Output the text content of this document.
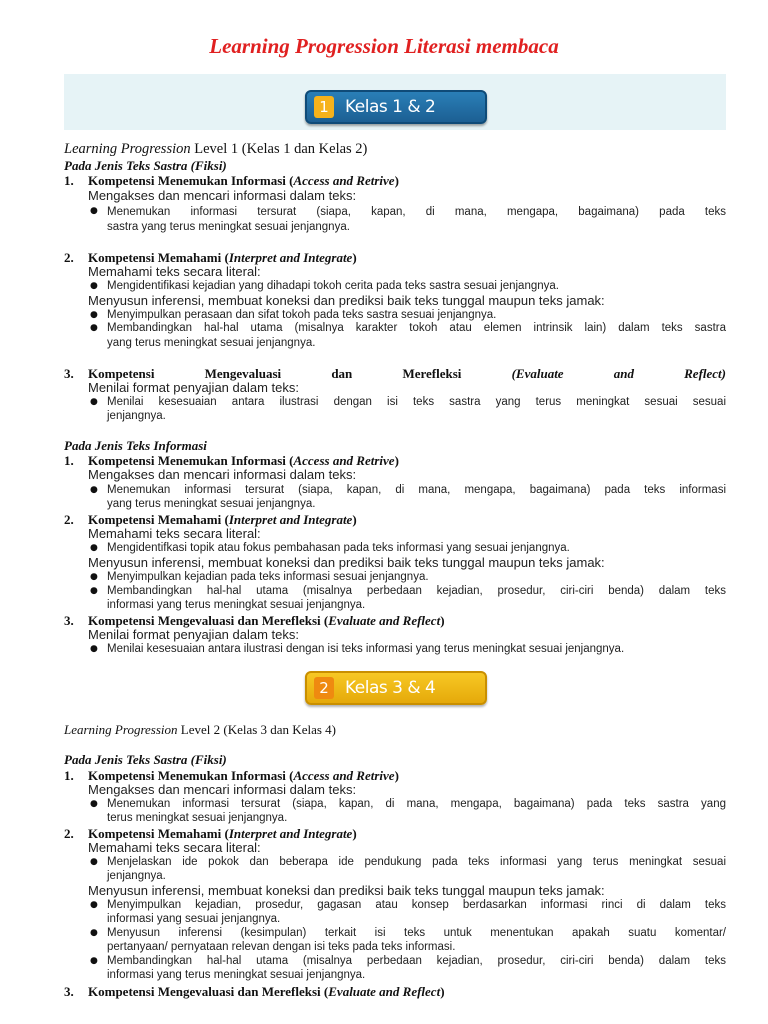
Learning Progression Literasi membaca
1 Kelas 1 & 2
Learning Progression Level 1 (Kelas 1 dan Kelas 2)
Pada Jenis Teks Sastra (Fiksi)
1. Kompetensi Menemukan Informasi (Access and Retrive)
Mengakses dan mencari informasi dalam teks:
● Menemukan informasi tersurat (siapa, kapan, di mana, mengapa, bagaimana) pada teks
sastra yang terus meningkat sesuai jenjangnya.
2. Kompetensi Memahami (Interpret and Integrate)
Memahami teks secara literal:
● Mengidentifikasi kejadian yang dihadapi tokoh cerita pada teks sastra sesuai jenjangnya.
Menyusun inferensi, membuat koneksi dan prediksi baik teks tunggal maupun teks jamak:
● Menyimpulkan perasaan dan sifat tokoh pada teks sastra sesuai jenjangnya.
● Membandingkan hal-hal utama (misalnya karakter tokoh atau elemen intrinsik lain) dalam teks sastra
yang terus meningkat sesuai jenjangnya.
3. Kompetensi	Mengevaluasi	dan	Merefleksi	(Evaluate	and	Reflect)
Menilai format penyajian dalam teks:
● Menilai kesesuaian antara ilustrasi dengan isi teks sastra yang terus meningkat sesuai sesuai
jenjangnya.
Pada Jenis Teks Informasi
1. Kompetensi Menemukan Informasi (Access and Retrive)
Mengakses dan mencari informasi dalam teks:
● Menemukan informasi tersurat (siapa, kapan, di mana, mengapa, bagaimana) pada teks informasi
yang terus meningkat sesuai jenjangnya.
2. Kompetensi Memahami (Interpret and Integrate)
Memahami teks secara literal:
● Mengidentifkasi topik atau fokus pembahasan pada teks informasi yang sesuai jenjangnya.
Menyusun inferensi, membuat koneksi dan prediksi baik teks tunggal maupun teks jamak:
● Menyimpulkan kejadian pada teks informasi sesuai jenjangnya.
● Membandingkan hal-hal utama (misalnya perbedaan kejadian, prosedur, ciri-ciri benda) dalam teks
informasi yang terus meningkat sesuai jenjangnya.
3. Kompetensi Mengevaluasi dan Merefleksi (Evaluate and Reflect)
Menilai format penyajian dalam teks:
● Menilai kesesuaian antara ilustrasi dengan isi teks informasi yang terus meningkat sesuai jenjangnya.
2 Kelas 3 & 4
Learning Progression Level 2 (Kelas 3 dan Kelas 4)
Pada Jenis Teks Sastra (Fiksi)
1. Kompetensi Menemukan Informasi (Access and Retrive)
Mengakses dan mencari informasi dalam teks:
● Menemukan informasi tersurat (siapa, kapan, di mana, mengapa, bagaimana) pada teks sastra yang
terus meningkat sesuai jenjangnya.
2. Kompetensi Memahami (Interpret and Integrate)
Memahami teks secara literal:
● Menjelaskan ide pokok dan beberapa ide pendukung pada teks informasi yang terus meningkat sesuai
jenjangnya.
Menyusun inferensi, membuat koneksi dan prediksi baik teks tunggal maupun teks jamak:
● Menyimpulkan kejadian, prosedur, gagasan atau konsep berdasarkan informasi rinci di dalam teks
informasi yang sesuai jenjangnya.
● Menyusun inferensi (kesimpulan) terkait isi teks untuk menentukan apakah suatu komentar/
pertanyaan/ pernyataan relevan dengan isi teks pada teks informasi.
● Membandingkan hal-hal utama (misalnya perbedaan kejadian, prosedur, ciri-ciri benda) dalam teks
informasi yang terus meningkat sesuai jenjangnya.
3. Kompetensi Mengevaluasi dan Merefleksi (Evaluate and Reflect)
